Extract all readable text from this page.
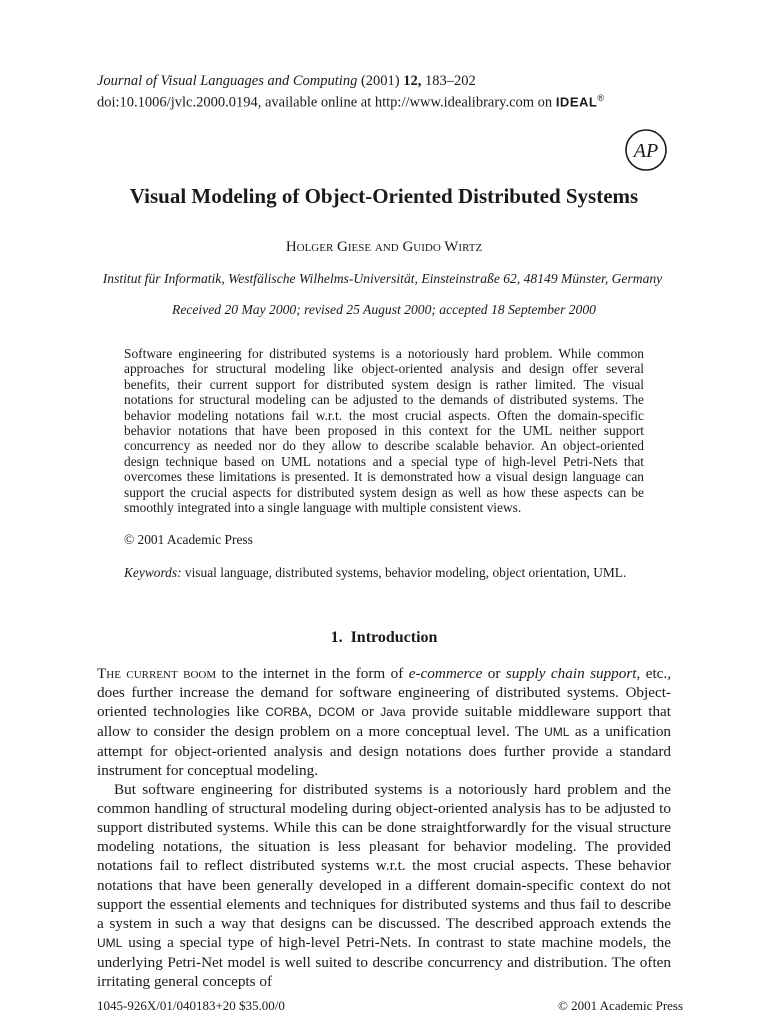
Journal of Visual Languages and Computing (2001) 12, 183–202
doi:10.1006/jvlc.2000.0194, available online at http://www.idealibrary.com on IDEAL®
AP
Visual Modeling of Object-Oriented Distributed Systems
Holger Giese and Guido Wirtz
Institut für Informatik, Westfälische Wilhelms-Universität, Einsteinstraße 62, 48149 Münster, Germany
Received 20 May 2000; revised 25 August 2000; accepted 18 September 2000

Software engineering for distributed systems is a notoriously hard problem. While common approaches for structural modeling like object-oriented analysis and design offer several benefits, their current support for distributed system design is rather limited. The visual notations for structural modeling can be adjusted to the demands of distributed systems. The behavior modeling notations fail w.r.t. the most crucial aspects. Often the domain-specific behavior notations that have been proposed in this context for the UML neither support concurrency as needed nor do they allow to describe scalable behavior. An object-oriented design technique based on UML notations and a special type of high-level Petri-Nets that overcomes these limitations is presented. It is demonstrated how a visual design language can support the crucial aspects for distributed system design as well as how these aspects can be smoothly integrated into a single language with multiple consistent views.

© 2001 Academic Press
Keywords: visual language, distributed systems, behavior modeling, object orientation, UML.
1. Introduction

The current boom to the internet in the form of e-commerce or supply chain support, etc., does further increase the demand for software engineering of distributed systems. Object-oriented technologies like CORBA, DCOM or Java provide suitable middleware support that allow to consider the design problem on a more conceptual level. The UML as a unification attempt for object-oriented analysis and design notations does further provide a standard instrument for conceptual modeling.

But software engineering for distributed systems is a notoriously hard problem and the common handling of structural modeling during object-oriented analysis has to be adjusted to support distributed systems. While this can be done straightforwardly for the visual structure modeling notations, the situation is less pleasant for behavior modeling. The provided notations fail to reflect distributed systems w.r.t. the most crucial aspects. These behavior notations that have been generally developed in a different domain-specific context do not support the essential elements and techniques for distributed systems and thus fail to describe a system in such a way that designs can be discussed. The described approach extends the UML using a special type of high-level Petri-Nets. In contrast to state machine models, the underlying Petri-Net model is well suited to describe concurrency and distribution. The often irritating general concepts of

1045-926X/01/040183+20 $35.00/0	© 2001 Academic Press
